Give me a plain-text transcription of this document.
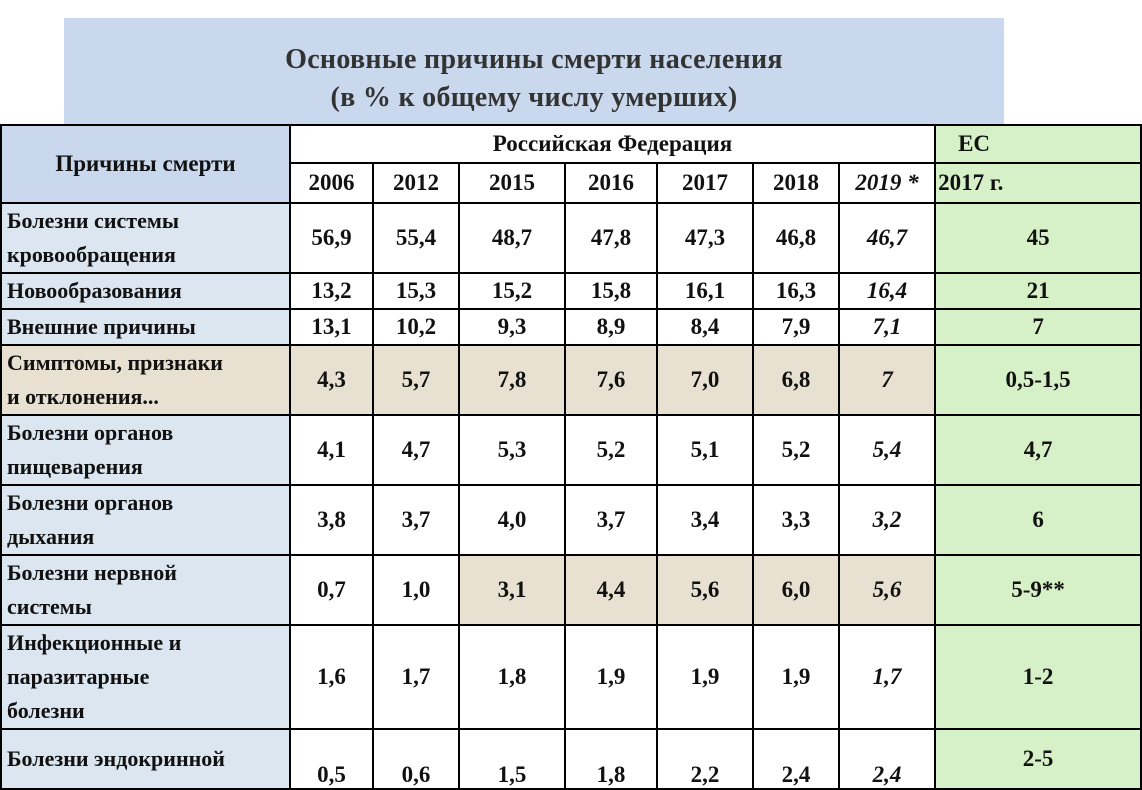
Основные причины смерти населения
(в % к общему числу умерших)
Причины смерти	Российская Федерация							ЕС
	2006	2012	2015	2016	2017	2018	2019 *	2017 г.
Болезни системы
кровообращения	56,9	55,4	48,7	47,8	47,3	46,8	46,7	45
Новообразования	13,2	15,3	15,2	15,8	16,1	16,3	16,4	21
Внешние причины	13,1	10,2	9,3	8,9	8,4	7,9	7,1	7
Симптомы, признаки
и отклонения...	4,3	5,7	7,8	7,6	7,0	6,8	7	0,5-1,5
Болезни органов
пищеварения	4,1	4,7	5,3	5,2	5,1	5,2	5,4	4,7
Болезни органов
дыхания	3,8	3,7	4,0	3,7	3,4	3,3	3,2	6
Болезни нервной
системы	0,7	1,0	3,1	4,4	5,6	6,0	5,6	5-9**
Инфекционные и
паразитарные
болезни	1,6	1,7	1,8	1,9	1,9	1,9	1,7	1-2
Болезни эндокринной	0,5	0,6	1,5	1,8	2,2	2,4	2,4	2-5
